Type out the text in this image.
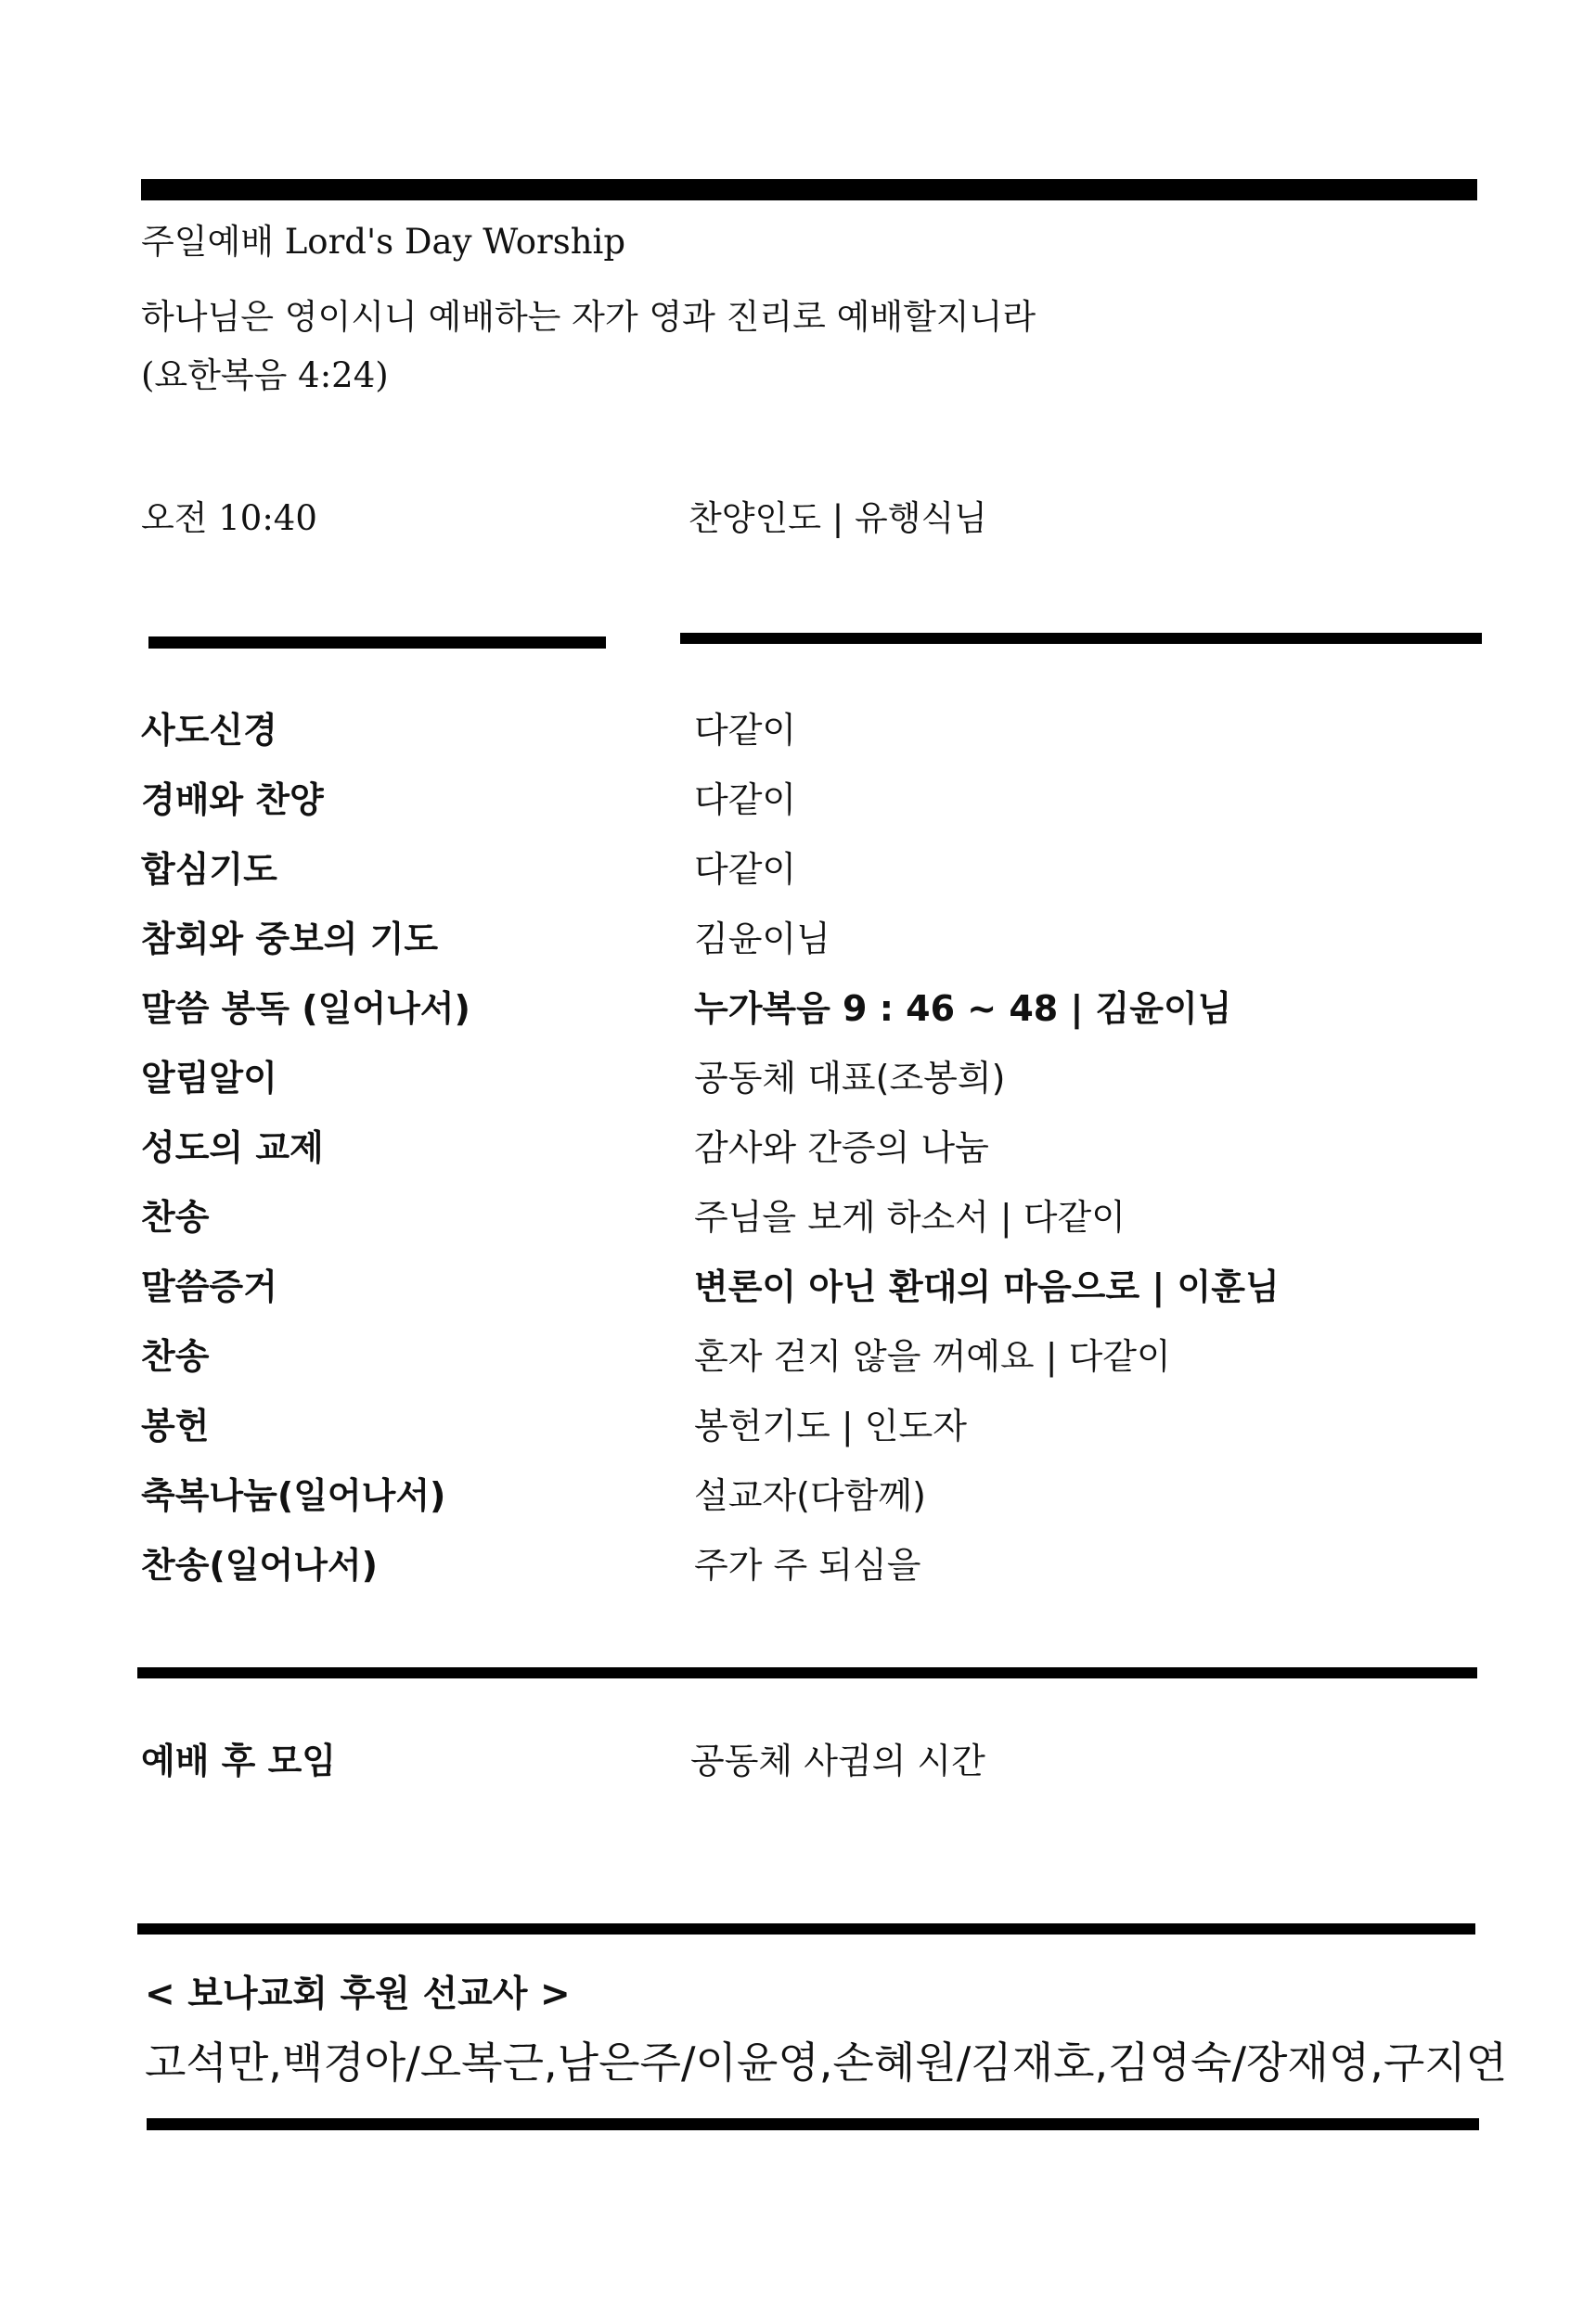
주일예배 Lord's Day Worship
하나님은 영이시니 예배하는 자가 영과 진리로 예배할지니라
(요한복음 4:24)
오전 10:40	찬양인도 | 유행식님
사도신경	다같이
경배와 찬양	다같이
합심기도	다같이
참회와 중보의 기도	김윤이님
말씀 봉독 (일어나서)	누가복음 9 : 46 ~ 48 | 김윤이님
알림알이	공동체 대표(조봉희)
성도의 교제	감사와 간증의 나눔
찬송	주님을 보게 하소서 | 다같이
말씀증거	변론이 아닌 환대의 마음으로 | 이훈님
찬송	혼자 걷지 않을 꺼예요 | 다같이
봉헌	봉헌기도 | 인도자
축복나눔(일어나서)	설교자(다함께)
찬송(일어나서)	주가 주 되심을
예배 후 모임	공동체 사귐의 시간
< 보나교회 후원 선교사 >
고석만,백경아/오복근,남은주/이윤영,손혜원/김재호,김영숙/장재영,구지연
